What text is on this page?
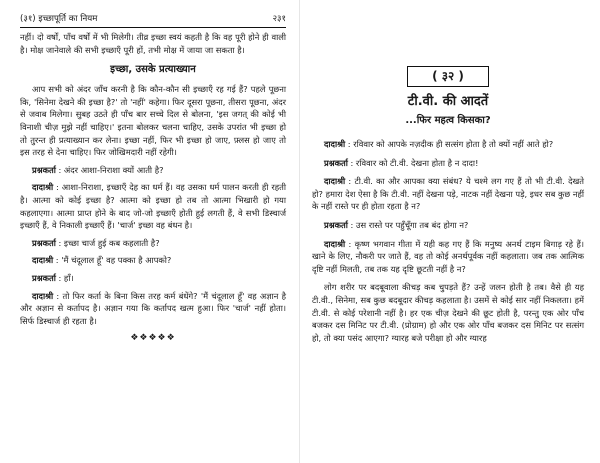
(३१) इच्छापूर्ति का नियम	२३१

नहीं। दो वर्षों, पाँच वर्षों में भी मिलेगी। तीव्र इच्छा स्वयं कहती है कि वह पूरी होने ही वाली है। मोक्ष जानेवाले की सभी इच्छाएँ पूरी हों, तभी मोक्ष में जाया जा सकता है।

इच्छा, उसके प्रत्याख्यान

आप सभी को अंदर जाँच करनी है कि कौन-कौन सी इच्छाएँ रह गई हैं? पहले पूछना कि, 'सिनेमा देखने की इच्छा है?' तो 'नहीं' कहेगा। फिर दूसरा पूछना, तीसरा पूछना, अंदर से जवाब मिलेगा। सुबह उठते ही पाँच बार सच्चे दिल से बोलना, 'इस जगत् की कोई भी विनाशी चीज़ मुझे नहीं चाहिए।' इतना बोलकर चलना चाहिए, उसके उपरांत भी इच्छा हो तो तुरन्त ही प्रत्याख्यान कर लेना। इच्छा नहीं, फिर भी इच्छा हो जाए, फ़्लस हो जाए तो इस तरह से देना चाहिए। फिर जोखिमदारी नहीं रहेगी।

प्रश्नकर्ता : अंदर आशा-निराशा क्यों आती है?

दादाश्री : आशा-निराशा, इच्छाएँ देह का धर्म हैं। वह उसका धर्म पालन करती ही रहती है। आत्मा को कोई इच्छा है? आत्मा को इच्छा हो तब तो आत्मा भिखारी हो गया कहलाएगा। आत्मा प्राप्त होने के बाद जो-जो इच्छाएँ होती हुई लगती हैं, वे सभी डिस्चार्ज इच्छाएँ हैं, वे निकाली इच्छाएँ हैं। 'चार्ज' इच्छा वह बंधन है।

प्रश्नकर्ता : इच्छा चार्ज हुई कब कहलाती है?

दादाश्री : 'मैं चंदूलाल हूँ' वह पक्का है आपको?

प्रश्नकर्ता : हाँ।

दादाश्री : तो फिर कर्ता के बिना किस तरह कर्म बंधेंगे? 'मैं चंदूलाल हूँ' वह अज्ञान है और अज्ञान से कर्तापद है। अज्ञान गया कि कर्तापद खत्म हुआ। फिर 'चार्ज' नहीं होता। सिर्फ डिस्चार्ज ही रहता है।

❖❖❖❖❖
( ३२ )
टी.वी. की आदतें
...फिर महत्व किसका?

दादाश्री : रविवार को आपके नज़दीक ही सत्संग होता है तो क्यों नहीं आते हो?

प्रश्नकर्ता : रविवार को टी.वी. देखना होता है न दादा!

दादाश्री : टी.वी. का और आपका क्या संबंध? ये चश्मे लग गए हैं तो भी टी.वी. देखते हो? हमारा देश ऐसा है कि टी.वी. नहीं देखना पड़े, नाटक नहीं देखना पड़े, इधर सब कुछ नहीं के नहीं रास्ते पर ही होता रहता है न?

प्रश्नकर्ता : उस रास्ते पर पहुँचूँगा तब बंद होगा न?

दादाश्री : कृष्ण भगवान गीता में यही कह गए हैं कि मनुष्य अनर्थ टाइम बिगाड़ रहे हैं। खाने के लिए, नौकरी पर जाते हैं, वह तो कोई अनर्थपूर्वक नहीं कहलाता। जब तक आत्मिक दृष्टि नहीं मिलती, तब तक यह दृष्टि छूटती नहीं है न?

लोग शरीर पर बदबूवाला कीचड़ कब चुपड़ते हैं? उन्हें जलन होती है तब। वैसे ही यह टी.वी., सिनेमा, सब कुछ बदबूदार कीचड़ कहलाता है। उसमें से कोई सार नहीं निकलता। हमें टी.वी. से कोई परेशानी नहीं है। हर एक चीज़ देखने की छूट होती है, परन्तु एक ओर पाँच बजकर दस मिनिट पर टी.वी. (प्रोग्राम) हो और एक ओर पाँच बजकर दस मिनिट पर सत्संग हो, तो क्या पसंद आएगा? ग्यारह बजे परीक्षा हो और ग्यारह
